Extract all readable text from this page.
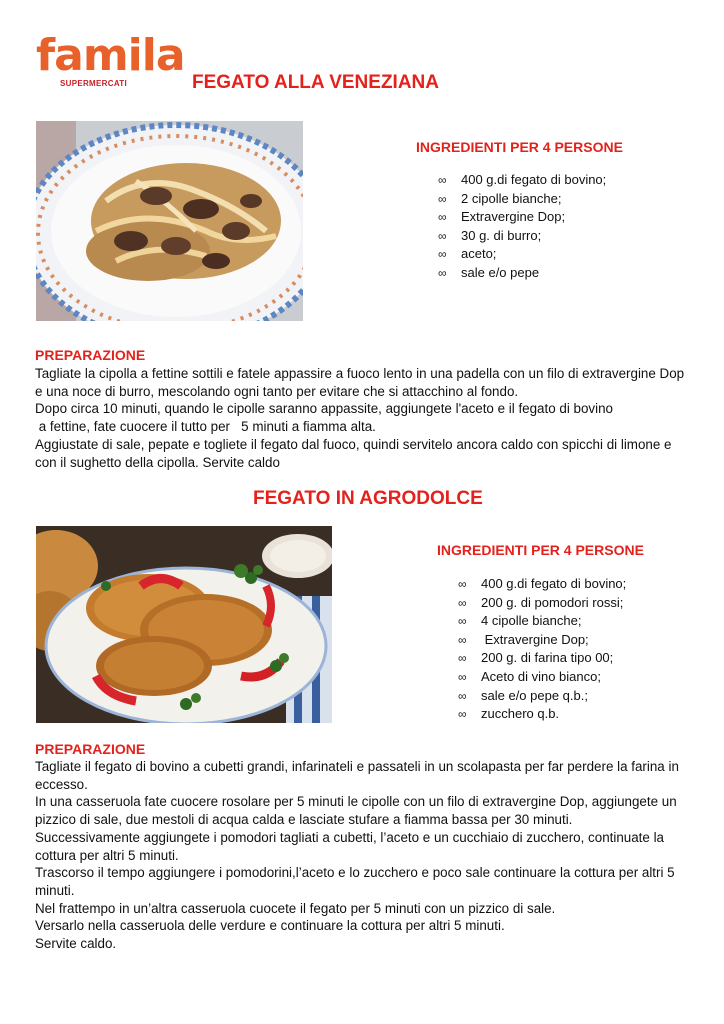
famila
SUPERMERCATI	FEGATO ALLA VENEZIANA
INGREDIENTI PER 4 PERSONE
∞ 400 g.di fegato di bovino;
∞ 2 cipolle bianche;
∞ Extravergine Dop;
∞ 30 g. di burro;
∞ aceto;
∞ sale e/o pepe
PREPARAZIONE

Tagliate la cipolla a fettine sottili e fatele appassire a fuoco lento in una padella con un filo di extravergine Dop

e una noce di burro, mescolando ogni tanto per evitare che si attacchino al fondo.

Dopo circa 10 minuti, quando le cipolle saranno appassite, aggiungete l'aceto e il fegato di bovino

a fettine, fate cuocere il tutto per   5 minuti a fiamma alta.

Aggiustate di sale, pepate e togliete il fegato dal fuoco, quindi servitelo ancora caldo con spicchi di limone e

con il sughetto della cipolla. Servite caldo

FEGATO IN AGRODOLCE
INGREDIENTI PER 4 PERSONE
∞ 400 g.di fegato di bovino;
∞ 200 g. di pomodori rossi;
∞ 4 cipolle bianche;
∞ Extravergine Dop;
∞ 200 g. di farina tipo 00;
∞ Aceto di vino bianco;
∞ sale e/o pepe q.b.;
∞ zucchero q.b.
PREPARAZIONE

Tagliate il fegato di bovino a cubetti grandi, infarinateli e passateli in un scolapasta per far perdere la farina in

eccesso.

In una casseruola fate cuocere rosolare per 5 minuti le cipolle con un filo di extravergine Dop, aggiungete un

pizzico di sale, due mestoli di acqua calda e lasciate stufare a fiamma bassa per 30 minuti.

Successivamente aggiungete i pomodori tagliati a cubetti, l’aceto e un cucchiaio di zucchero, continuate la

cottura per altri 5 minuti.

Trascorso il tempo aggiungere i pomodorini,l’aceto e lo zucchero e poco sale continuare la cottura per altri 5

minuti.

Nel frattempo in un’altra casseruola cuocete il fegato per 5 minuti con un pizzico di sale.

Versarlo nella casseruola delle verdure e continuare la cottura per altri 5 minuti.

Servite caldo.
